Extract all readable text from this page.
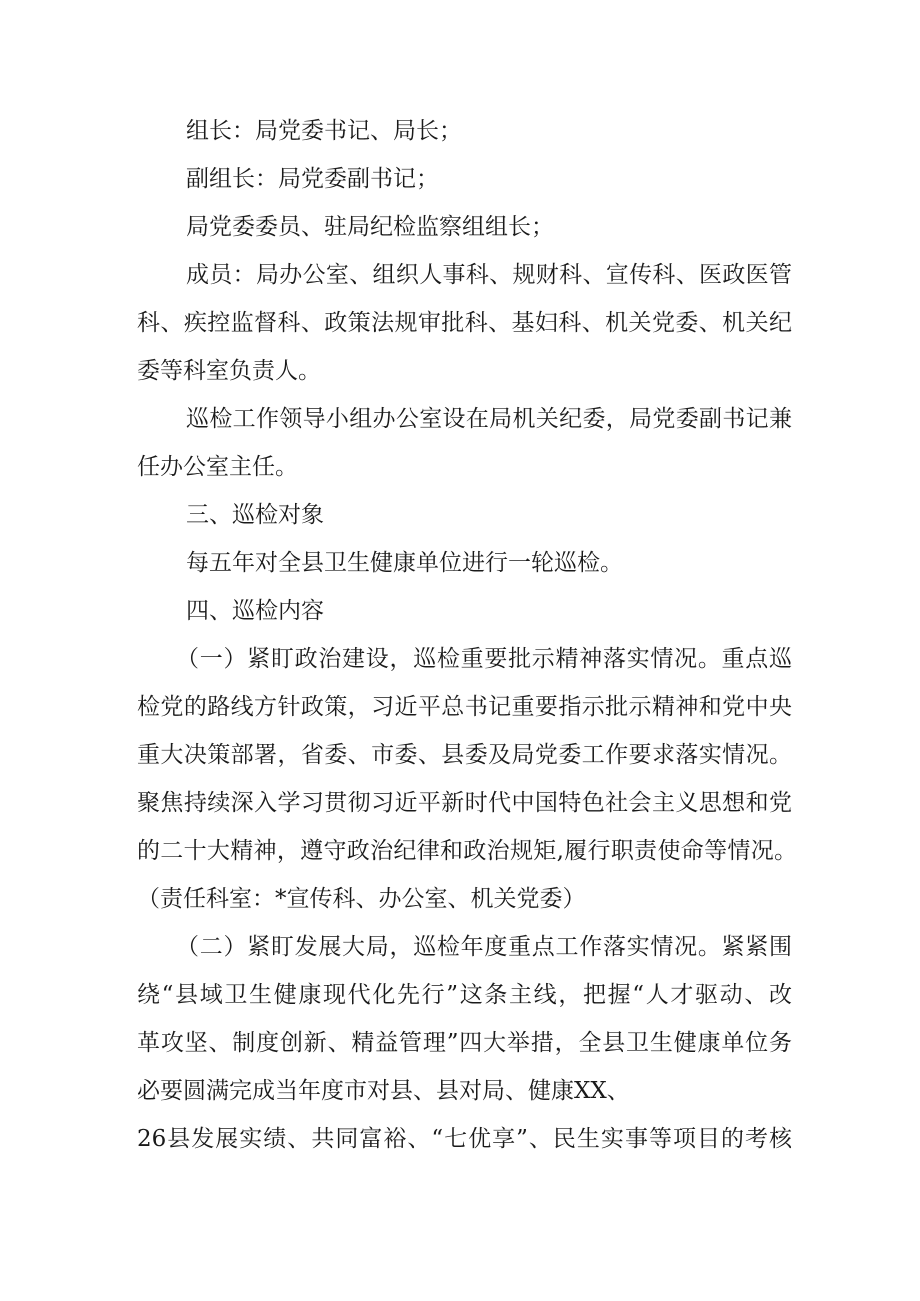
组长：局党委书记、局长；
副组长：局党委副书记；
局党委委员、驻局纪检监察组组长；
成员：局办公室、组织人事科、规财科、宣传科、医政医管
科、疾控监督科、政策法规审批科、基妇科、机关党委、机关纪
委等科室负责人。
巡检工作领导小组办公室设在局机关纪委，局党委副书记兼
任办公室主任。
三、巡检对象
每五年对全县卫生健康单位进行一轮巡检。
四、巡检内容
（一）紧盯政治建设，巡检重要批示精神落实情况。重点巡
检党的路线方针政策，习近平总书记重要指示批示精神和党中央
重大决策部署，省委、市委、县委及局党委工作要求落实情况。
聚焦持续深入学习贯彻习近平新时代中国特色社会主义思想和党
的二十大精神，遵守政治纪律和政治规矩,履行职责使命等情况。
（责任科室：*宣传科、办公室、机关党委）
（二）紧盯发展大局，巡检年度重点工作落实情况。紧紧围
绕“县域卫生健康现代化先行”这条主线，把握“人才驱动、改
革攻坚、制度创新、精益管理”四大举措，全县卫生健康单位务
必要圆满完成当年度市对县、县对局、健康XX、
26县发展实绩、共同富裕、“七优享”、民生实事等项目的考核
